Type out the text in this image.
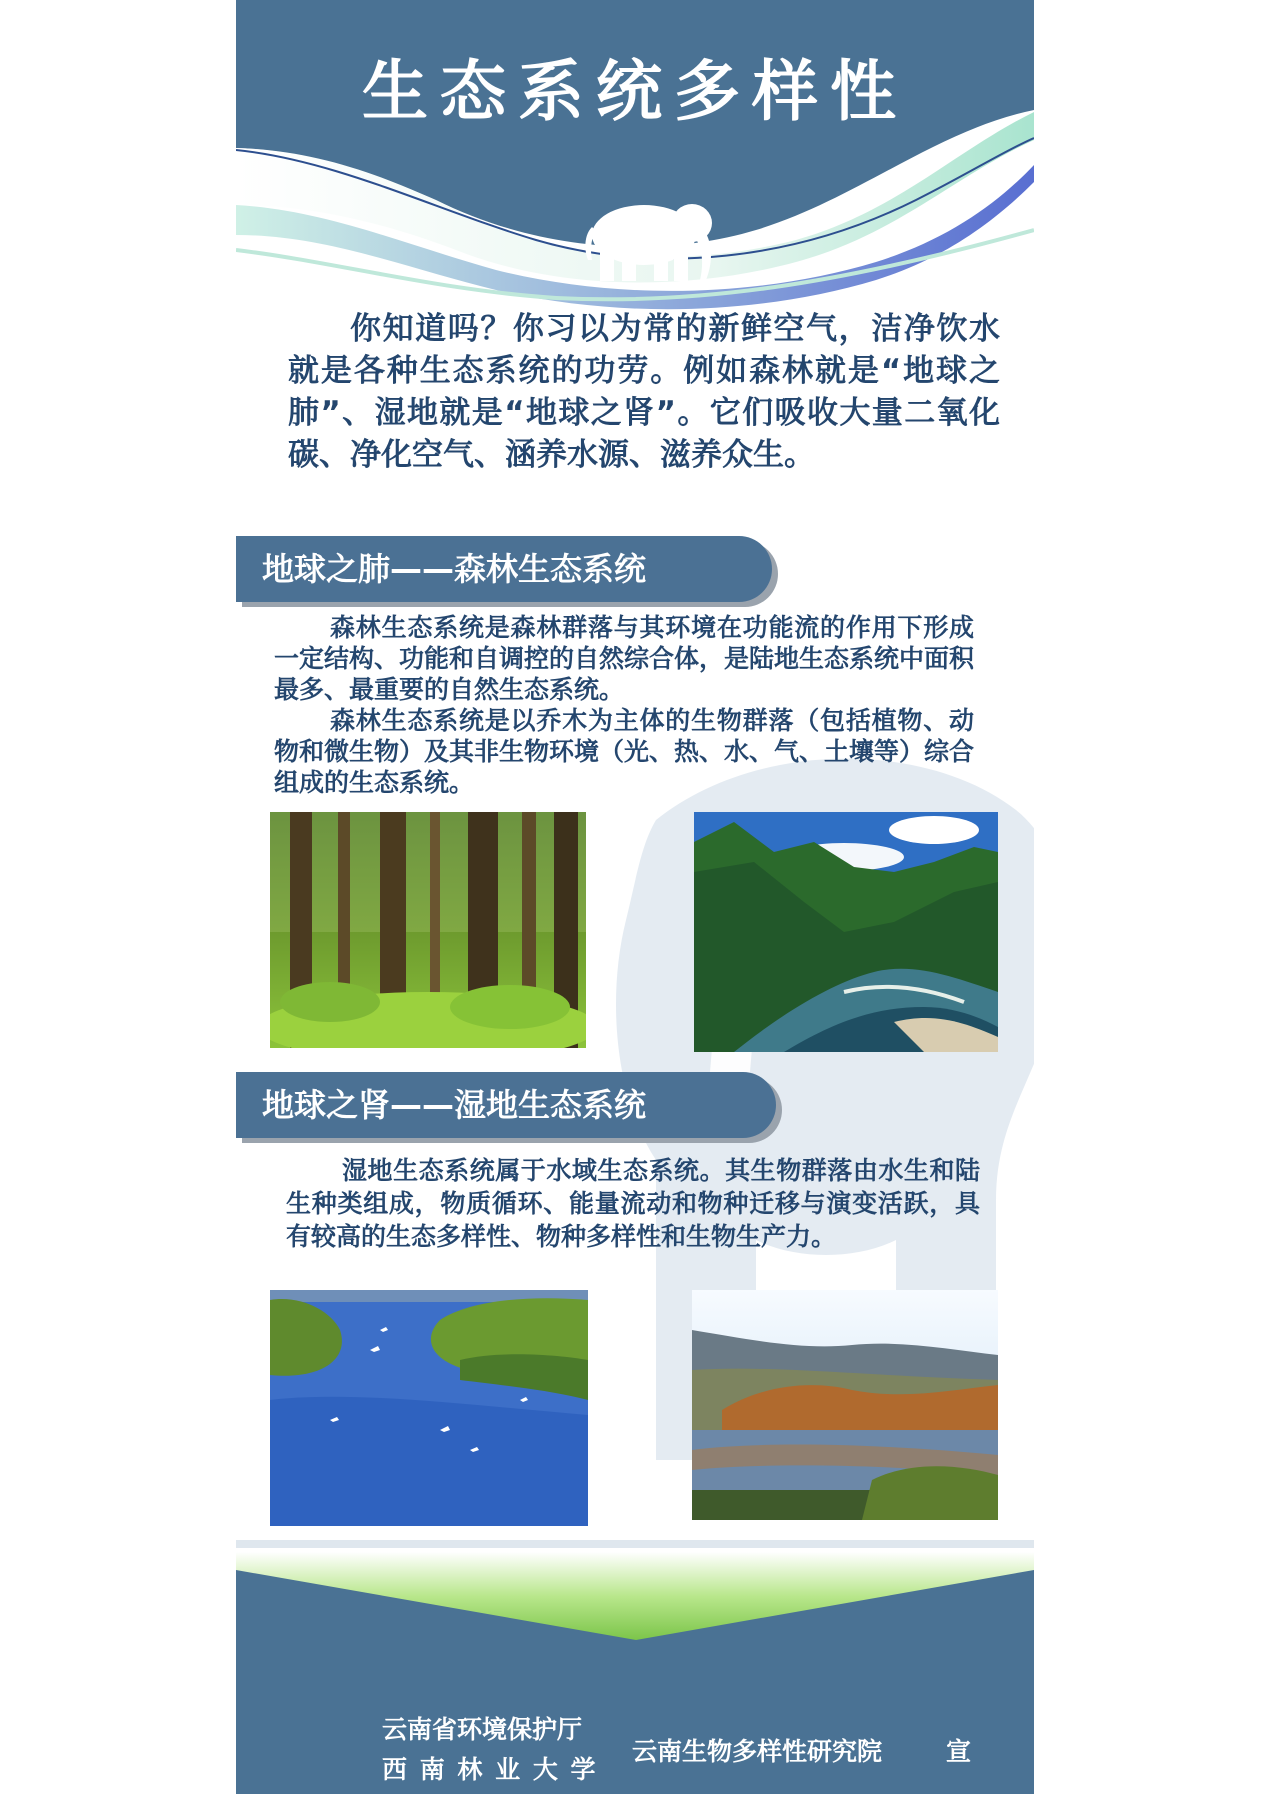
生态系统多样性
你知道吗？你习以为常的新鲜空气，洁净饮水就是各种生态系统的功劳。例如森林就是“地球之肺”、湿地就是“地球之肾”。它们吸收大量二氧化碳、净化空气、涵养水源、滋养众生。
地球之肺——森林生态系统

森林生态系统是森林群落与其环境在功能流的作用下形成一定结构、功能和自调控的自然综合体，是陆地生态系统中面积最多、最重要的自然生态系统。

森林生态系统是以乔木为主体的生物群落（包括植物、动物和微生物）及其非生物环境（光、热、水、气、土壤等）综合组成的生态系统。

地球之肾——湿地生态系统

湿地生态系统属于水域生态系统。其生物群落由水生和陆生种类组成，物质循环、能量流动和物种迁移与演变活跃，具有较高的生态多样性、物种多样性和生物生产力。

云南省环境保护厅
西 南 林 业 大 学
云南生物多样性研究院	宣
